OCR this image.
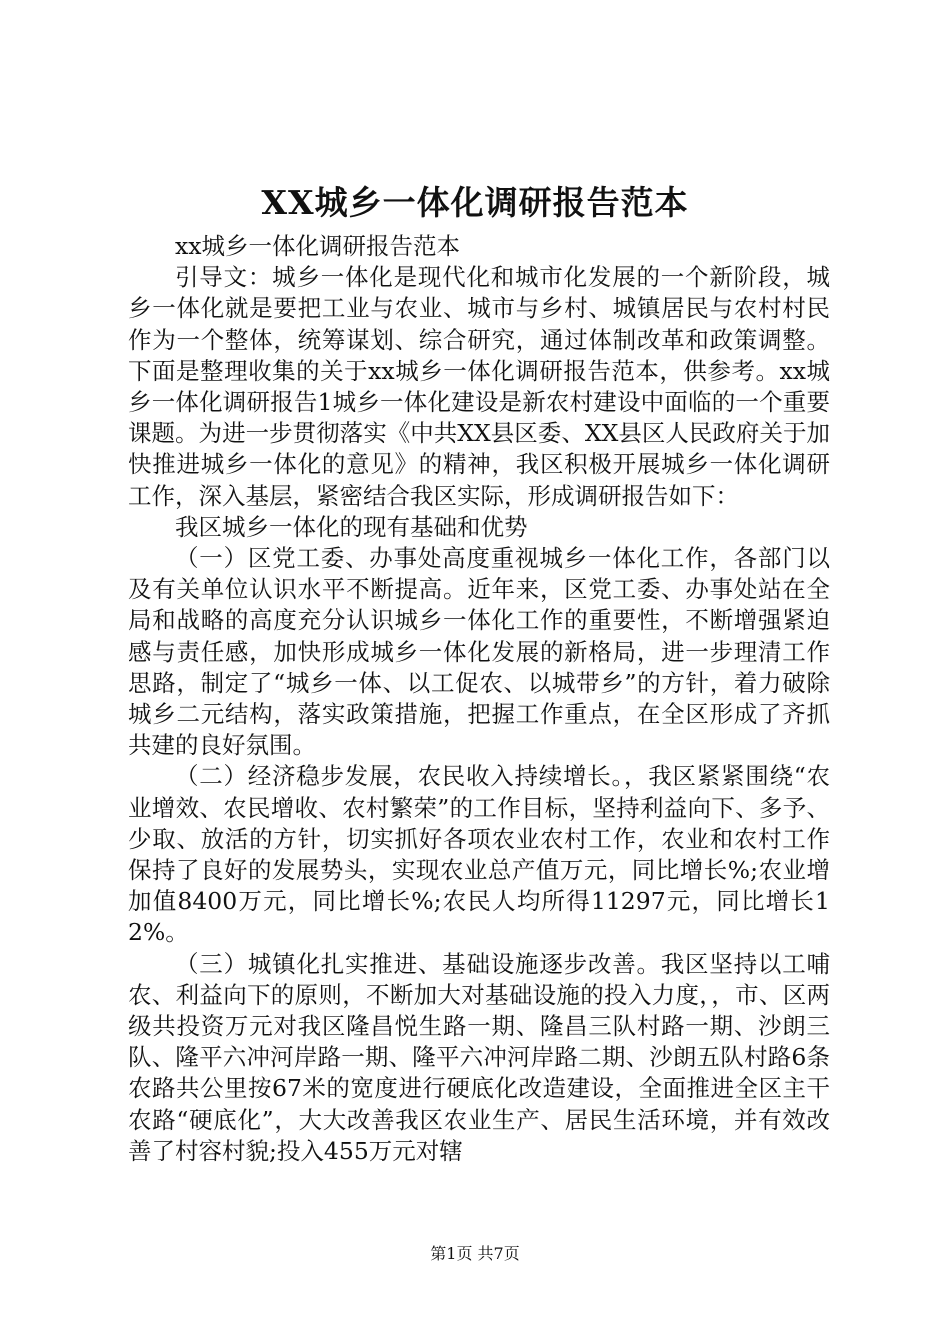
XX城乡一体化调研报告范本

xx城乡一体化调研报告范本

引导文：城乡一体化是现代化和城市化发展的一个新阶段，城乡一体化就是要把工业与农业、城市与乡村、城镇居民与农村村民作为一个整体，统筹谋划、综合研究，通过体制改革和政策调整。下面是整理收集的关于xx城乡一体化调研报告范本，供参考。xx城乡一体化调研报告1城乡一体化建设是新农村建设中面临的一个重要课题。为进一步贯彻落实《中共XX县区委、XX县区人民政府关于加快推进城乡一体化的意见》的精神，我区积极开展城乡一体化调研工作，深入基层，紧密结合我区实际，形成调研报告如下：

我区城乡一体化的现有基础和优势

（一）区党工委、办事处高度重视城乡一体化工作，各部门以及有关单位认识水平不断提高。近年来，区党工委、办事处站在全局和战略的高度充分认识城乡一体化工作的重要性，不断增强紧迫感与责任感，加快形成城乡一体化发展的新格局，进一步理清工作思路，制定了“城乡一体、以工促农、以城带乡”的方针，着力破除城乡二元结构，落实政策措施，把握工作重点，在全区形成了齐抓共建的良好氛围。

（二）经济稳步发展，农民收入持续增长。，我区紧紧围绕“农业增效、农民增收、农村繁荣”的工作目标，坚持利益向下、多予、少取、放活的方针，切实抓好各项农业农村工作，农业和农村工作保持了良好的发展势头，实现农业总产值万元，同比增长%;农业增加值8400万元，同比增长%;农民人均所得11297元，同比增长12%。

（三）城镇化扎实推进、基础设施逐步改善。我区坚持以工哺农、利益向下的原则，不断加大对基础设施的投入力度，，市、区两级共投资万元对我区隆昌悦生路一期、隆昌三队村路一期、沙朗三队、隆平六冲河岸路一期、隆平六冲河岸路二期、沙朗五队村路6条农路共公里按67米的宽度进行硬底化改造建设，全面推进全区主干农路“硬底化”，大大改善我区农业生产、居民生活环境，并有效改善了村容村貌;投入455万元对辖

第1页 共7页
